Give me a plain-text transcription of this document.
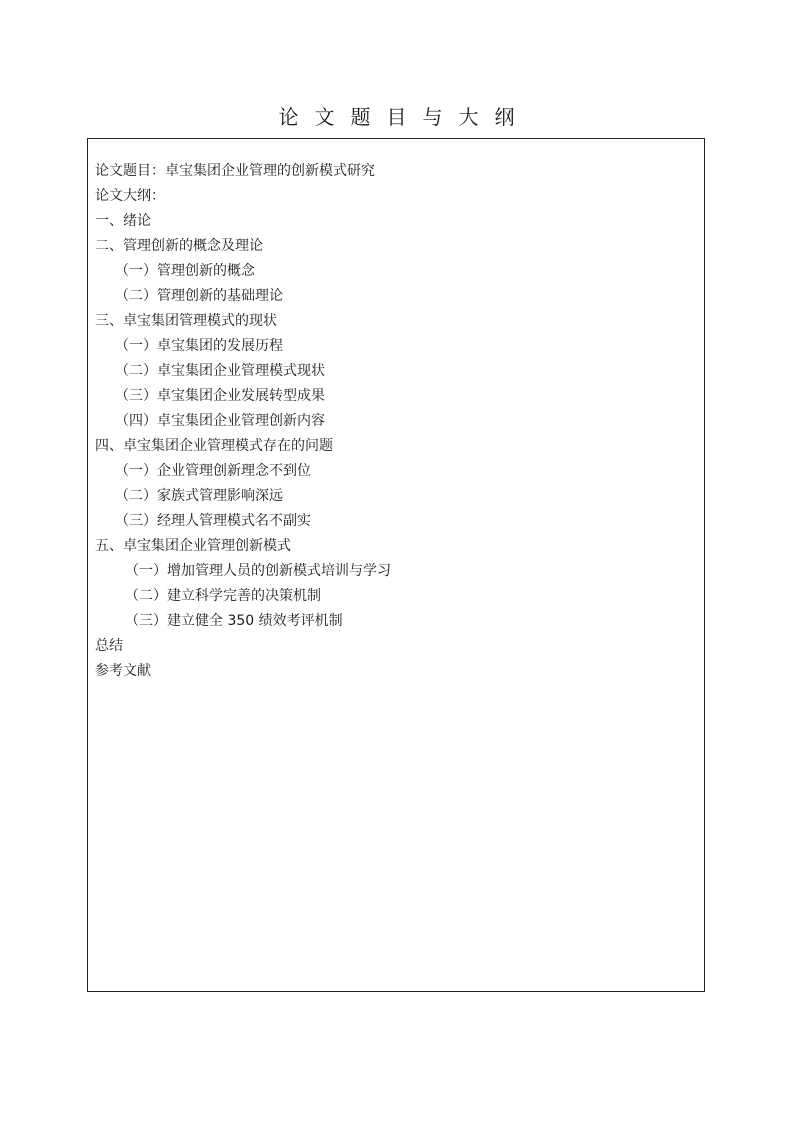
论文题目与大纲
论文题目：卓宝集团企业管理的创新模式研究
论文大纲：
一、绪论
二、管理创新的概念及理论
（一）管理创新的概念
（二）管理创新的基础理论
三、卓宝集团管理模式的现状
（一）卓宝集团的发展历程
（二）卓宝集团企业管理模式现状
（三）卓宝集团企业发展转型成果
（四）卓宝集团企业管理创新内容
四、卓宝集团企业管理模式存在的问题
（一）企业管理创新理念不到位
（二）家族式管理影响深远
（三）经理人管理模式名不副实
五、卓宝集团企业管理创新模式
（一）增加管理人员的创新模式培训与学习
（二）建立科学完善的决策机制
（三）建立健全 350 绩效考评机制
总结
参考文献
